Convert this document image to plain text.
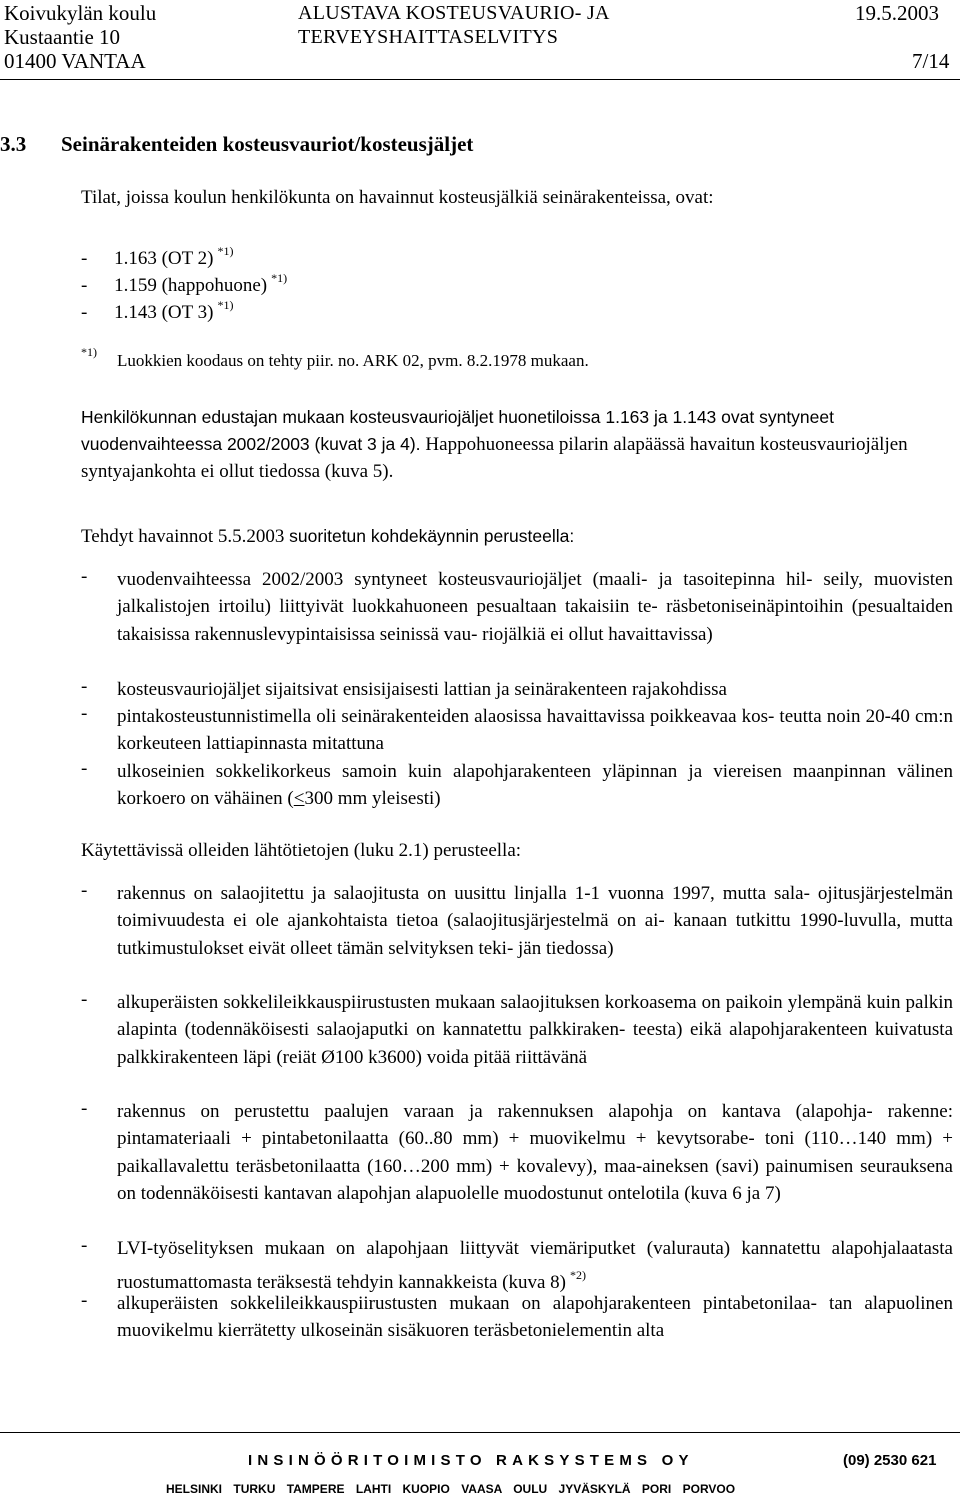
Koivukylän koulu
Kustaantie 10
01400 VANTAA
ALUSTAVA KOSTEUSVAURIO- JA
TERVEYSHAITTASELVITYS
19.5.2003
7/14
3.3 Seinärakenteiden kosteusvauriot/kosteusjäljet
Tilat, joissa koulun henkilökunta on havainnut kosteusjälkiä seinärakenteissa, ovat:
- 1.163 (OT 2) $^{*1)}$
- 1.159 (happohuone) $^{*1)}$
- 1.143 (OT 3) $^{*1)}$
*1) Luokkien koodaus on tehty piir. no. ARK 02, pvm. 8.2.1978 mukaan.
Henkilökunnan edustajan mukaan kosteusvauriojäljet huonetiloissa 1.163 ja 1.143 ovat syntyneet vuodenvaihteessa 2002/2003 (kuvat 3 ja 4). Happohuoneessa pilarin alapäässä havaitun kosteusvauriojäljen syntyajankohta ei ollut tiedossa (kuva 5).
Tehdyt havainnot 5.5.2003 suoritetun kohdekäynnin perusteella:
- vuodenvaihteessa 2002/2003 syntyneet kosteusvauriojäljet (maali- ja tasoitepinna hil- seily, muovisten jalkalistojen irtoilu) liittyivät luokkahuoneen pesualtaan takaisiin te- räsbetoniseinäpintoihin (pesualtaiden takaisissa rakennuslevypintaisissa seinissä vau- riojälkiä ei ollut havaittavissa)
- kosteusvauriojäljet sijaitsivat ensisijaisesti lattian ja seinärakenteen rajakohdissa
- pintakosteustunnistimella oli seinärakenteiden alaosissa havaittavissa poikkeavaa kos- teutta noin 20-40 cm:n korkeuteen lattiapinnasta mitattuna
- ulkoseinien sokkelikorkeus samoin kuin alapohjarakenteen yläpinnan ja viereisen maanpinnan välinen korkoero on vähäinen (≤300 mm yleisesti)
Käytettävissä olleiden lähtötietojen (luku 2.1) perusteella:
- rakennus on salaojitettu ja salaojitusta on uusittu linjalla 1-1 vuonna 1997, mutta sala- ojitusjärjestelmän toimivuudesta ei ole ajankohtaista tietoa (salaojitusjärjestelmä on ai- kanaan tutkittu 1990-luvulla, mutta tutkimustulokset eivät olleet tämän selvityksen teki- jän tiedossa)
- alkuperäisten sokkelileikkauspiirustusten mukaan salaojituksen korkoasema on paikoin ylempänä kuin palkin alapinta (todennäköisesti salaojaputki on kannatettu palkkiraken- teesta) eikä alapohjarakenteen kuivatusta palkkirakenteen läpi (reiät Ø100 k3600) voida pitää riittävänä
- rakennus on perustettu paalujen varaan ja rakennuksen alapohja on kantava (alapohja- rakenne: pintamateriaali + pintabetonilaatta (60..80 mm) + muovikelmu + kevytsorabe- toni (110…140 mm) + paikallavalettu teräsbetonilaatta (160…200 mm) + kovalevy), maa-aineksen (savi) painumisen seurauksena on todennäköisesti kantavan alapohjan alapuolelle muodostunut ontelotila (kuva 6 ja 7)
- LVI-työselityksen mukaan on alapohjaan liittyvät viemäriputket (valurauta) kannatettu alapohjalaatasta ruostumattomasta teräksestä tehdyin kannakkeista (kuva 8) $^{*2)}$
- alkuperäisten sokkelileikkauspiirustusten mukaan on alapohjarakenteen pintabetonilaa- tan alapuolinen muovikelmu kierrätetty ulkoseinän sisäkuoren teräsbetonielementin alta
INSINÖÖRITOIMISTO RAKSYSTEMS OY	(09) 2530 621
HELSINKI TURKU TAMPERE LAHTI KUOPIO VAASA OULU JYVÄSKYLÄ PORI PORVOO
